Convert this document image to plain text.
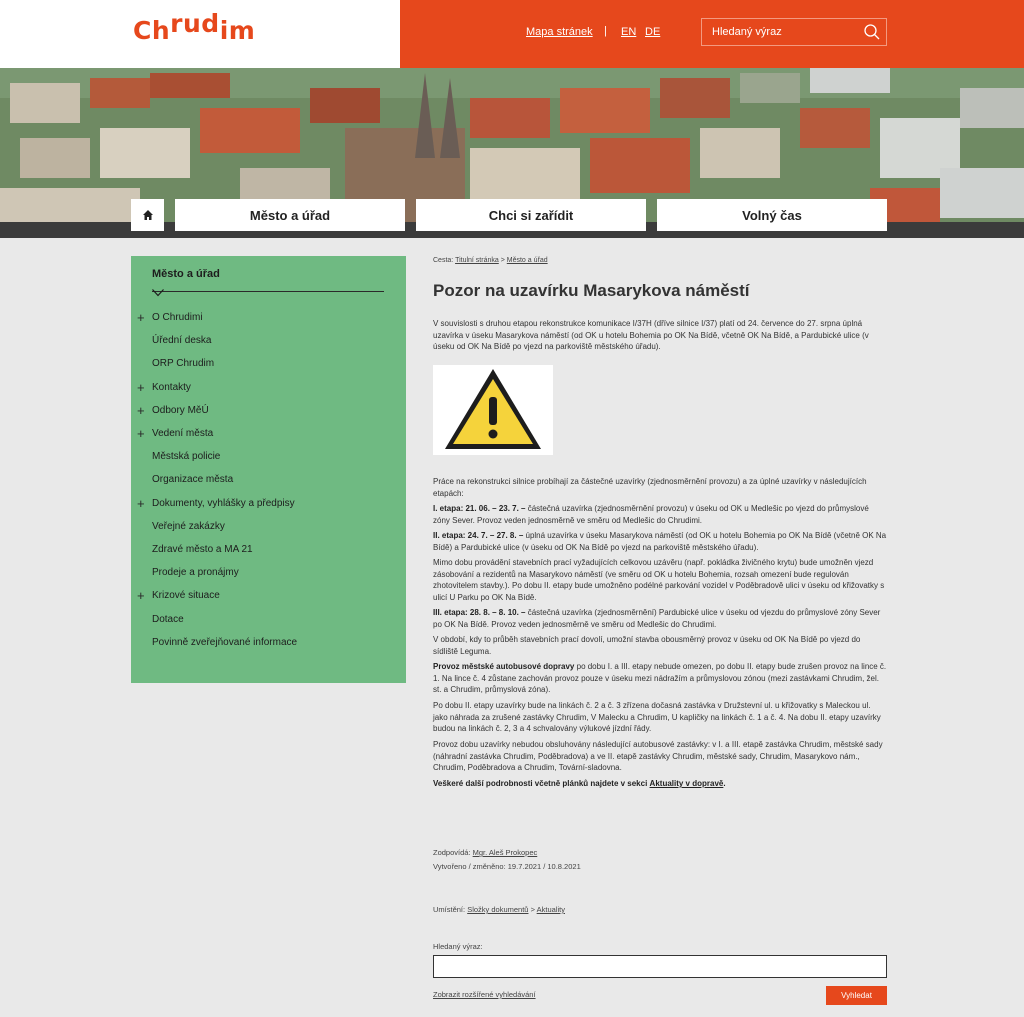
Chrudim	Mapa stránek | EN DE
Hledaný výraz
Město a úřad	Chci si zařídit	Volný čas
Město a úřad
+ O Chrudimi
Úřední deska
ORP Chrudim
+ Kontakty
+ Odbory MěÚ
+ Vedení města
Městská policie
Organizace města
+ Dokumenty, vyhlášky a předpisy
Veřejné zakázky
Zdravé město a MA 21
Prodeje a pronájmy
+ Krizové situace
Dotace
Povinně zveřejňované informace
Cesta: Titulní stránka > Město a úřad
Pozor na uzavírku Masarykova náměstí
V souvislosti s druhou etapou rekonstrukce komunikace I/37H (dříve silnice I/37) platí od 24. července do 27. srpna úplná uzavírka v úseku Masarykova náměstí (od OK u hotelu Bohemia po OK Na Bídě, včetně OK Na Bídě, a Pardubické ulice (v úseku od OK Na Bídě po vjezd na parkoviště městského úřadu).
Práce na rekonstrukci silnice probíhají za částečné uzavírky (zjednosměrnění provozu) a za úplné uzavírky v následujících etapách:
I. etapa: 21. 06. – 23. 7. – částečná uzavírka (zjednosměrnění provozu) v úseku od OK u Medlešic po vjezd do průmyslové zóny Sever. Provoz veden jednosměrně ve směru od Medlešic do Chrudimi.
II. etapa: 24. 7. – 27. 8. – úplná uzavírka v úseku Masarykova náměstí (od OK u hotelu Bohemia po OK Na Bídě (včetně OK Na Bídě) a Pardubické ulice (v úseku od OK Na Bídě po vjezd na parkoviště městského úřadu).
Mimo dobu provádění stavebních prací vyžadujících celkovou uzávěru (např. pokládka živičného krytu) bude umožněn vjezd zásobování a rezidentů na Masarykovo náměstí (ve směru od OK u hotelu Bohemia, rozsah omezení bude regulován zhotovitelem stavby.). Po dobu II. etapy bude umožněno podélné parkování vozidel v Poděbradově ulici v úseku od křižovatky s ulicí U Parku po OK Na Bídě.
III. etapa: 28. 8. – 8. 10. – částečná uzavírka (zjednosměrnění) Pardubické ulice v úseku od vjezdu do průmyslové zóny Sever po OK Na Bídě. Provoz veden jednosměrně ve směru od Medlešic do Chrudimi.
V období, kdy to průběh stavebních prací dovolí, umožní stavba obousměrný provoz v úseku od OK Na Bídě po vjezd do sídliště Leguma.
Provoz městské autobusové dopravy po dobu I. a III. etapy nebude omezen, po dobu II. etapy bude zrušen provoz na lince č. 1. Na lince č. 4 zůstane zachován provoz pouze v úseku mezi nádražím a průmyslovou zónou (mezi zastávkami Chrudim, žel. st. a Chrudim, průmyslová zóna).
Po dobu II. etapy uzavírky bude na linkách č. 2 a č. 3 zřízena dočasná zastávka v Družstevní ul. u křižovatky s Maleckou ul. jako náhrada za zrušené zastávky Chrudim, V Malecku a Chrudim, U kapličky na linkách č. 1 a č. 4. Na dobu II. etapy uzavírky budou na linkách č. 2, 3 a 4 schvalovány výlukové jízdní řády.
Provoz dobu uzavírky nebudou obsluhovány následující autobusové zastávky: v I. a III. etapě zastávka Chrudim, městské sady (náhradní zastávka Chrudim, Poděbradova) a ve II. etapě zastávky Chrudim, městské sady, Chrudim, Masarykovo nám., Chrudim, Poděbradova a Chrudim, Tovární-sladovna.
Veškeré další podrobnosti včetně plánků najdete v sekci Aktuality v dopravě.
Zodpovídá: Mgr. Aleš Prokopec
Vytvořeno / změněno: 19.7.2021 / 10.8.2021
Umístění: Složky dokumentů > Aktuality
Hledaný výraz:
Zobrazit rozšířené vyhledávání	Vyhledat
